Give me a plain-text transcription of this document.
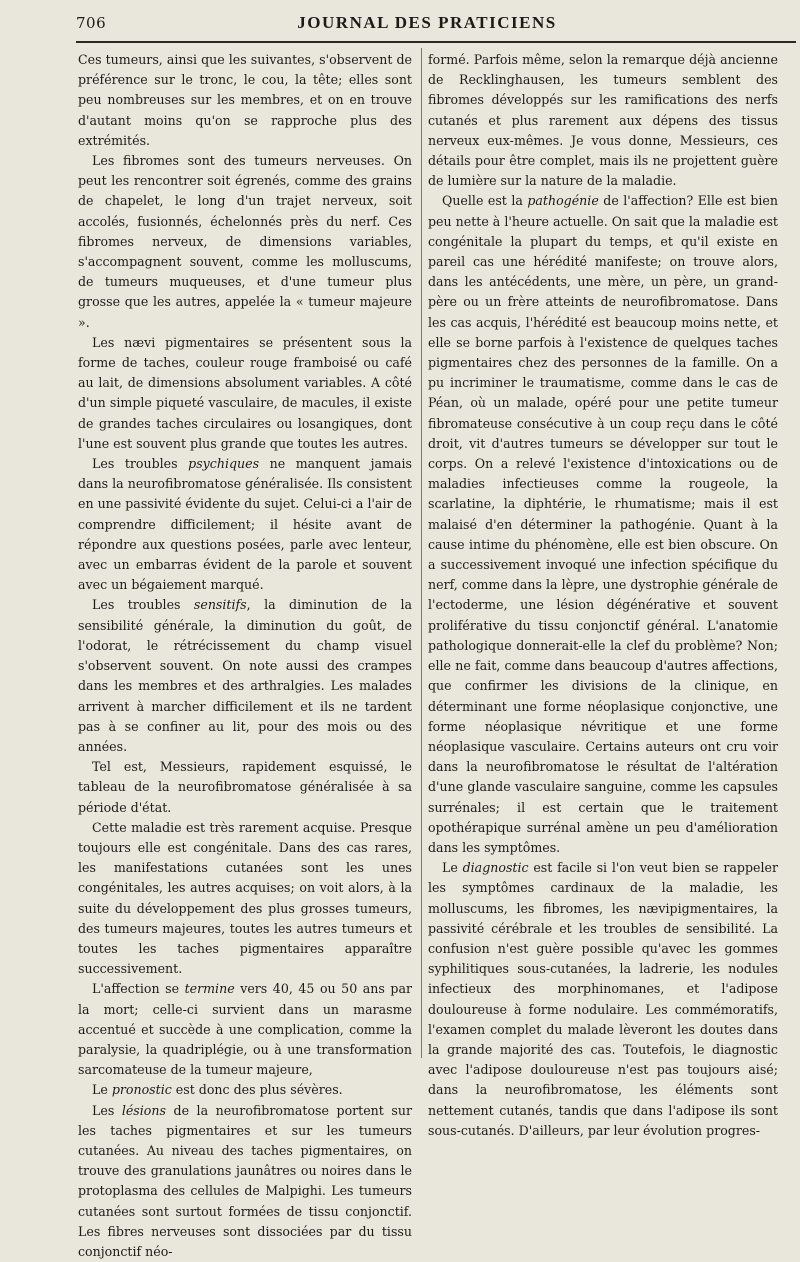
706	JOURNAL DES PRATICIENS

Ces tumeurs, ainsi que les suivantes, s'observent de préférence sur le tronc, le cou, la tête; elles sont peu nombreuses sur les membres, et on en trouve d'autant moins qu'on se rapproche plus des extrémités.

Les fibromes sont des tumeurs nerveuses. On peut les rencontrer soit égrenés, comme des grains de chapelet, le long d'un trajet nerveux, soit accolés, fusionnés, échelonnés près du nerf. Ces fibromes nerveux, de dimensions variables, s'accompagnent souvent, comme les molluscums, de tumeurs muqueuses, et d'une tumeur plus grosse que les autres, appelée la « tumeur majeure ».

Les nævi pigmentaires se présentent sous la forme de taches, couleur rouge framboisé ou café au lait, de dimensions absolument variables. A côté d'un simple piqueté vasculaire, de macules, il existe de grandes taches circulaires ou losangiques, dont l'une est souvent plus grande que toutes les autres.

Les troubles psychiques ne manquent jamais dans la neurofibromatose généralisée. Ils consistent en une passivité évidente du sujet. Celui-ci a l'air de comprendre difficilement; il hésite avant de répondre aux questions posées, parle avec lenteur, avec un embarras évident de la parole et souvent avec un bégaiement marqué.

Les troubles sensitifs, la diminution de la sensibilité générale, la diminution du goût, de l'odorat, le rétrécissement du champ visuel s'observent souvent. On note aussi des crampes dans les membres et des arthralgies. Les malades arrivent à marcher difficilement et ils ne tardent pas à se confiner au lit, pour des mois ou des années.

Tel est, Messieurs, rapidement esquissé, le tableau de la neurofibromatose généralisée à sa période d'état.

Cette maladie est très rarement acquise. Presque toujours elle est congénitale. Dans des cas rares, les manifestations cutanées sont les unes congénitales, les autres acquises; on voit alors, à la suite du développement des plus grosses tumeurs, des tumeurs majeures, toutes les autres tumeurs et toutes les taches pigmentaires apparaître successivement.

L'affection se termine vers 40, 45 ou 50 ans par la mort; celle-ci survient dans un marasme accentué et succède à une complication, comme la paralysie, la quadriplégie, ou à une transformation sarcomateuse de la tumeur majeure,

Le pronostic est donc des plus sévères.

Les lésions de la neurofibromatose portent sur les taches pigmentaires et sur les tumeurs cutanées. Au niveau des taches pigmentaires, on trouve des granulations jaunâtres ou noires dans le protoplasma des cellules de Malpighi. Les tumeurs cutanées sont surtout formées de tissu conjonctif. Les fibres nerveuses sont dissociées par du tissu conjonctif néo-

formé. Parfois même, selon la remarque déjà ancienne de Recklinghausen, les tumeurs semblent des fibromes développés sur les ramifications des nerfs cutanés et plus rarement aux dépens des tissus nerveux eux-mêmes. Je vous donne, Messieurs, ces détails pour être complet, mais ils ne projettent guère de lumière sur la nature de la maladie.

Quelle est la pathogénie de l'affection? Elle est bien peu nette à l'heure actuelle. On sait que la maladie est congénitale la plupart du temps, et qu'il existe en pareil cas une hérédité manifeste; on trouve alors, dans les antécédents, une mère, un père, un grand-père ou un frère atteints de neurofibromatose. Dans les cas acquis, l'hérédité est beaucoup moins nette, et elle se borne parfois à l'existence de quelques taches pigmentaires chez des personnes de la famille. On a pu incriminer le traumatisme, comme dans le cas de Péan, où un malade, opéré pour une petite tumeur fibromateuse consécutive à un coup reçu dans le côté droit, vit d'autres tumeurs se développer sur tout le corps. On a relevé l'existence d'intoxications ou de maladies infectieuses comme la rougeole, la scarlatine, la diphtérie, le rhumatisme; mais il est malaisé d'en déterminer la pathogénie. Quant à la cause intime du phénomène, elle est bien obscure. On a successivement invoqué une infection spécifique du nerf, comme dans la lèpre, une dystrophie générale de l'ectoderme, une lésion dégénérative et souvent proliférative du tissu conjonctif général. L'anatomie pathologique donnerait-elle la clef du problème? Non; elle ne fait, comme dans beaucoup d'autres affections, que confirmer les divisions de la clinique, en déterminant une forme néoplasique conjonctive, une forme néoplasique névritique et une forme néoplasique vasculaire. Certains auteurs ont cru voir dans la neurofibromatose le résultat de l'altération d'une glande vasculaire sanguine, comme les capsules surrénales; il est certain que le traitement opothérapique surrénal amène un peu d'amélioration dans les symptômes.

Le diagnostic est facile si l'on veut bien se rappeler les symptômes cardinaux de la maladie, les molluscums, les fibromes, les nævipigmentaires, la passivité cérébrale et les troubles de sensibilité. La confusion n'est guère possible qu'avec les gommes syphilitiques sous-cutanées, la ladrerie, les nodules infectieux des morphinomanes, et l'adipose douloureuse à forme nodulaire. Les commémoratifs, l'examen complet du malade lèveront les doutes dans la grande majorité des cas. Toutefois, le diagnostic avec l'adipose douloureuse n'est pas toujours aisé; dans la neurofibromatose, les éléments sont nettement cutanés, tandis que dans l'adipose ils sont sous-cutanés. D'ailleurs, par leur évolution progres-
